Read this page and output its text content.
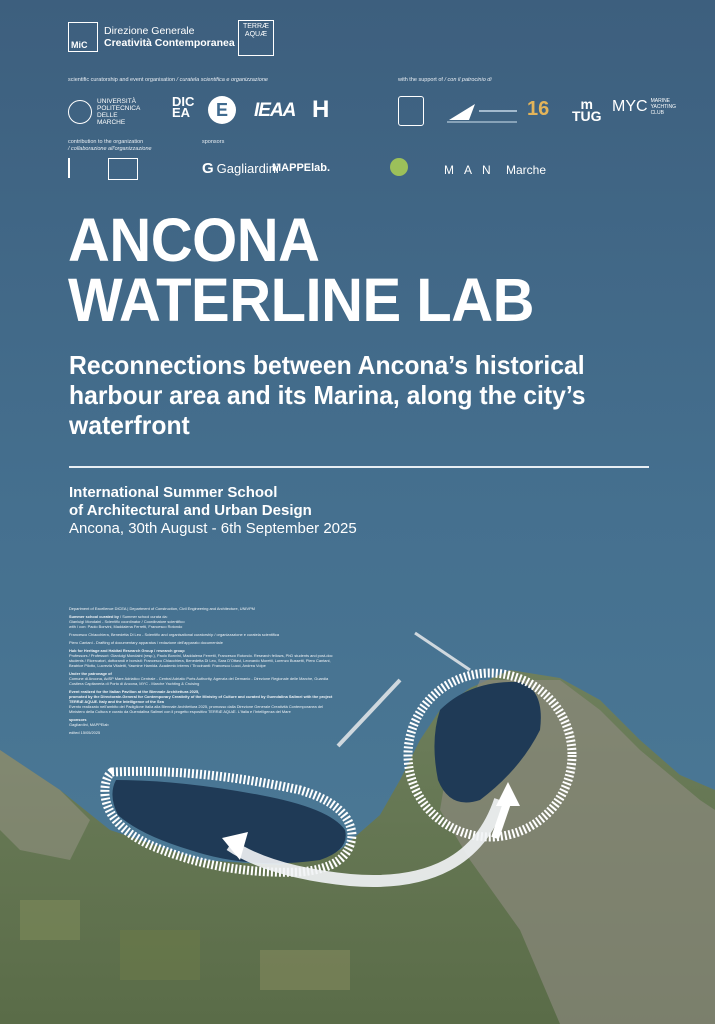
MiC
Direzione Generale
Creatività Contemporanea
TERRÆ AQUÆ
scientific curatorship and event organisation / curatela scientifica e organizzazione	with the support of / con il patrocinio di
contribution to the organization
/ collaborazione all'organizzazione
sponsors
UNIVERSITÀ POLITECNICA DELLE MARCHE
DIC EA	E	IEAA H	16 m
TUG
MYC MARINE YACHTING CLUB
G Gagliardini
MAPPElab.	MAN Marche
ANCONA
WATERLINE LAB
Reconnections between Ancona’s historical harbour area and its Marina, along the city’s waterfront
International Summer School
of Architectural and Urban Design
Ancona, 30th August - 6th September 2025

Department of Excellence DICEA | Department of Construction, Civil Engineering and Architecture, UNIVPM

Summer school curated by / Summer school curata da:
Gianluigi Mondaini - Scientific coordinator / Coordinatore scientifico
with / con: Paolo Bonvini, Maddalena Ferretti, Francesco Rotondo

Francesco Chiacchiera, Benedetta Di Leo - Scientific and organisational curatorship / organizzazione e curatela scientifica

Piero Cantani - Drafting of documentary apparatus / redazione dell'apparato documentale

Hub for Heritage and Habitat Research Group / research group
Professors / Professori: Gianluigi Mondaini (resp.), Paolo Bonvini, Maddalena Ferretti, Francesco Rotondo. Research fellows, PhD students and post-doc students / Ricercatori, dottorandi e borsisti: Francesco Chiacchiera, Benedetta Di Leo, Sara D'Ottavi, Leonardo Moretti, Lorenzo Bussetti, Piero Cantani, Beatrice Pilotto, Lucrezia Vitaletti, Yasmine Hamida. Academic interns / Tirocinanti: Francesco Lucci, Andrea Volpe

Under the patronage of
Comune di Ancona, AdSP Mare Adriatico Centrale - Central Adriatic Ports Authority, Agenzia del Demanio - Direzione Regionale delle Marche, Guardia Costiera Capitaneria di Porto di Ancona, MYC - Marche Yachting & Cruising

Event realized for the Italian Pavilion at the Biennale Architettura 2025,
promoted by the Directorate-General for Contemporary Creativity of the Ministry of Culture and curated by Guendalina Salimei with the project TERRÆ AQUÆ. Italy and the Intelligence of the Sea
Evento realizzato nell'ambito del Padiglione Italia alla Biennale Architettura 2025, promosso dalla Direzione Generale Creatività Contemporanea del Ministero della Cultura e curato da Guendalina Salimei con il progetto espositivo TERRÆ AQUÆ. L'Italia e l'Intelligenza del Mare

sponsors
Gagliardini, MAPPElab

edited 15/05/2025
